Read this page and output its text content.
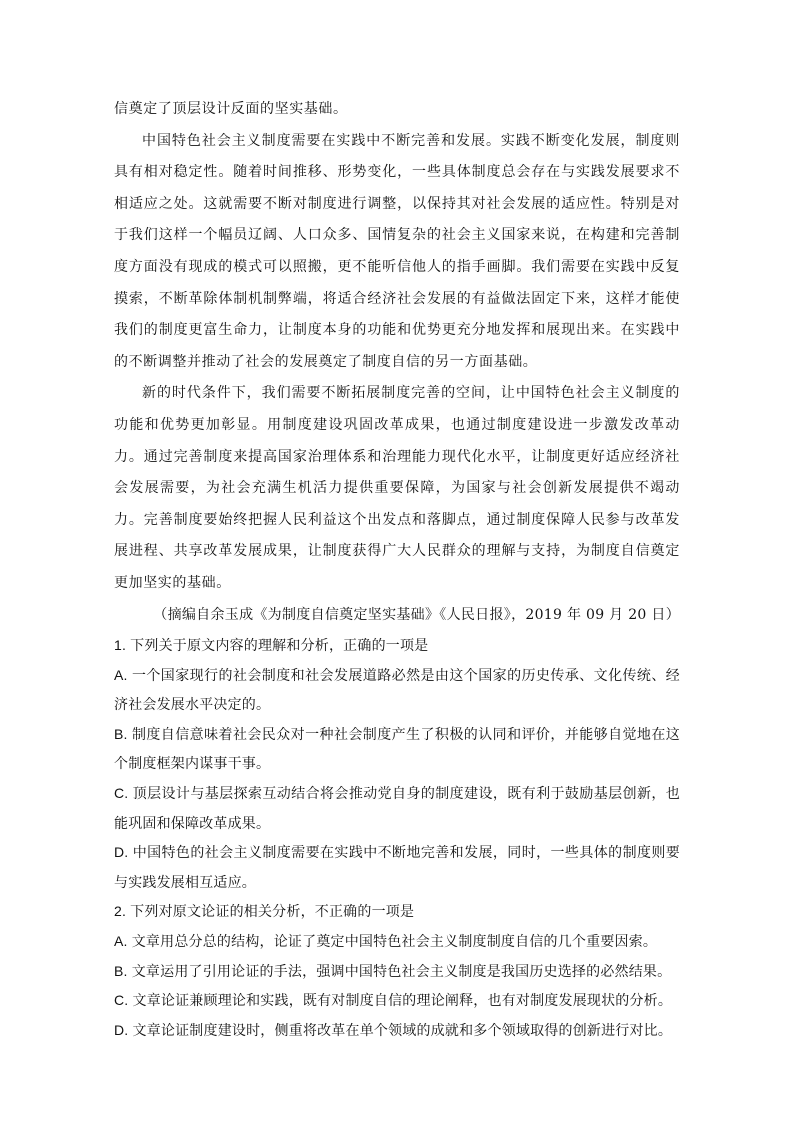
信奠定了顶层设计反面的坚实基础。

中国特色社会主义制度需要在实践中不断完善和发展。实践不断变化发展，制度则具有相对稳定性。随着时间推移、形势变化，一些具体制度总会存在与实践发展要求不相适应之处。这就需要不断对制度进行调整，以保持其对社会发展的适应性。特别是对于我们这样一个幅员辽阔、人口众多、国情复杂的社会主义国家来说，在构建和完善制度方面没有现成的模式可以照搬，更不能听信他人的指手画脚。我们需要在实践中反复摸索，不断革除体制机制弊端，将适合经济社会发展的有益做法固定下来，这样才能使我们的制度更富生命力，让制度本身的功能和优势更充分地发挥和展现出来。在实践中的不断调整并推动了社会的发展奠定了制度自信的另一方面基础。

新的时代条件下，我们需要不断拓展制度完善的空间，让中国特色社会主义制度的功能和优势更加彰显。用制度建设巩固改革成果，也通过制度建设进一步激发改革动力。通过完善制度来提高国家治理体系和治理能力现代化水平，让制度更好适应经济社会发展需要，为社会充满生机活力提供重要保障，为国家与社会创新发展提供不竭动力。完善制度要始终把握人民利益这个出发点和落脚点，通过制度保障人民参与改革发展进程、共享改革发展成果，让制度获得广大人民群众的理解与支持，为制度自信奠定更加坚实的基础。

（摘编自余玉成《为制度自信奠定坚实基础》《人民日报》，2019 年 09 月 20 日）

1. 下列关于原文内容的理解和分析，正确的一项是

A. 一个国家现行的社会制度和社会发展道路必然是由这个国家的历史传承、文化传统、经济社会发展水平决定的。

B. 制度自信意味着社会民众对一种社会制度产生了积极的认同和评价，并能够自觉地在这个制度框架内谋事干事。

C. 顶层设计与基层探索互动结合将会推动党自身的制度建设，既有利于鼓励基层创新，也能巩固和保障改革成果。

D. 中国特色的社会主义制度需要在实践中不断地完善和发展，同时，一些具体的制度则要与实践发展相互适应。

2. 下列对原文论证的相关分析，不正确的一项是

A. 文章用总分总的结构，论证了奠定中国特色社会主义制度制度自信的几个重要因索。

B. 文章运用了引用论证的手法，强调中国特色社会主义制度是我国历史选择的必然结果。

C. 文章论证兼顾理论和实践，既有对制度自信的理论阐释，也有对制度发展现状的分析。

D. 文章论证制度建设时，侧重将改革在单个领域的成就和多个领域取得的创新进行对比。
